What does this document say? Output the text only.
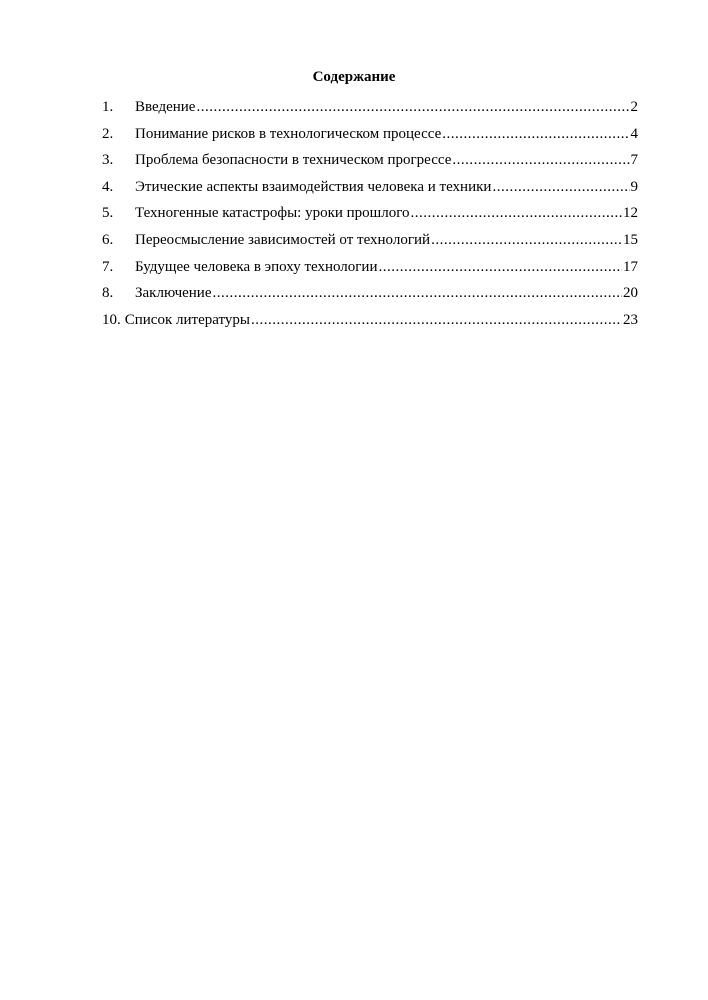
Содержание
1.	Введение .....	2
2.	Понимание рисков в технологическом процессе .....	4
3.	Проблема безопасности в техническом прогрессе .....	7
4.	Этические аспекты взаимодействия человека и техники .....	9
5.	Техногенные катастрофы: уроки прошлого .....	12
6.	Переосмысление зависимостей от технологий .....	15
7.	Будущее человека в эпоху технологии .....	17
8.	Заключение .....	20
10. Список литературы .....	23
